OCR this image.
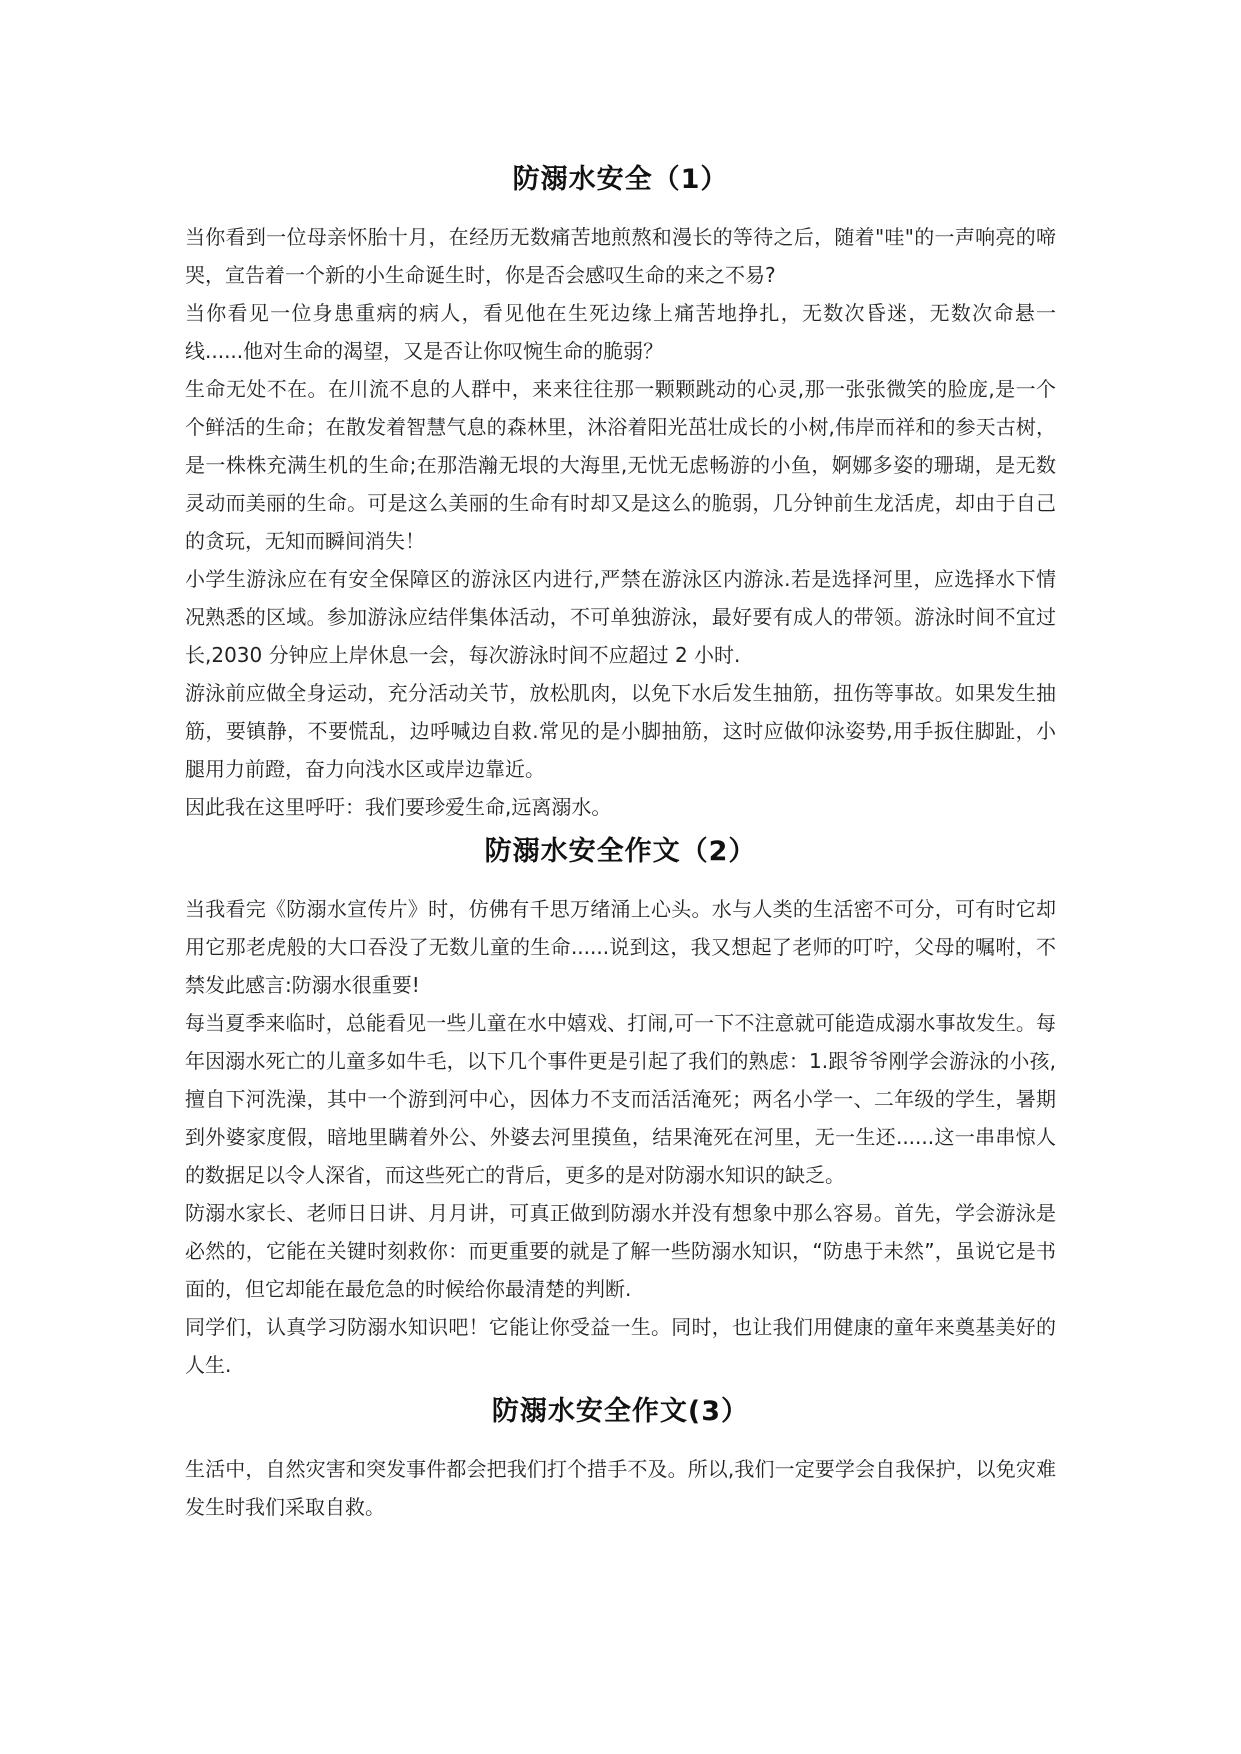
防溺水安全（1）

当你看到一位母亲怀胎十月，在经历无数痛苦地煎熬和漫长的等待之后，随着"哇"的一声响亮的啼哭，宣告着一个新的小生命诞生时，你是否会感叹生命的来之不易?

当你看见一位身患重病的病人，看见他在生死边缘上痛苦地挣扎，无数次昏迷，无数次命悬一线......他对生命的渴望，又是否让你叹惋生命的脆弱？

生命无处不在。在川流不息的人群中，来来往往那一颗颗跳动的心灵,那一张张微笑的脸庞,是一个个鲜活的生命；在散发着智慧气息的森林里，沐浴着阳光茁壮成长的小树,伟岸而祥和的参天古树，是一株株充满生机的生命;在那浩瀚无垠的大海里,无忧无虑畅游的小鱼，婀娜多姿的珊瑚，是无数灵动而美丽的生命。可是这么美丽的生命有时却又是这么的脆弱，几分钟前生龙活虎，却由于自己的贪玩，无知而瞬间消失！

小学生游泳应在有安全保障区的游泳区内进行,严禁在游泳区内游泳.若是选择河里，应选择水下情况熟悉的区域。参加游泳应结伴集体活动，不可单独游泳，最好要有成人的带领。游泳时间不宜过长,2030 分钟应上岸休息一会，每次游泳时间不应超过 2 小时.

游泳前应做全身运动，充分活动关节，放松肌肉，以免下水后发生抽筋，扭伤等事故。如果发生抽筋，要镇静，不要慌乱，边呼喊边自救.常见的是小脚抽筋，这时应做仰泳姿势,用手扳住脚趾，小腿用力前蹬，奋力向浅水区或岸边靠近。

因此我在这里呼吁：我们要珍爱生命,远离溺水。

防溺水安全作文（2）

当我看完《防溺水宣传片》时，仿佛有千思万绪涌上心头。水与人类的生活密不可分，可有时它却用它那老虎般的大口吞没了无数儿童的生命......说到这，我又想起了老师的叮咛，父母的嘱咐，不禁发此感言:防溺水很重要!

每当夏季来临时，总能看见一些儿童在水中嬉戏、打闹,可一下不注意就可能造成溺水事故发生。每年因溺水死亡的儿童多如牛毛，以下几个事件更是引起了我们的熟虑：1.跟爷爷刚学会游泳的小孩,擅自下河洗澡，其中一个游到河中心，因体力不支而活活淹死；两名小学一、二年级的学生，暑期到外婆家度假，暗地里瞒着外公、外婆去河里摸鱼，结果淹死在河里，无一生还......这一串串惊人的数据足以令人深省，而这些死亡的背后，更多的是对防溺水知识的缺乏。

防溺水家长、老师日日讲、月月讲，可真正做到防溺水并没有想象中那么容易。首先，学会游泳是必然的，它能在关键时刻救你：而更重要的就是了解一些防溺水知识，“防患于未然”，虽说它是书面的，但它却能在最危急的时候给你最清楚的判断.

同学们，认真学习防溺水知识吧！它能让你受益一生。同时，也让我们用健康的童年来奠基美好的人生.

防溺水安全作文(3）

生活中，自然灾害和突发事件都会把我们打个措手不及。所以,我们一定要学会自我保护，以免灾难发生时我们采取自救。
